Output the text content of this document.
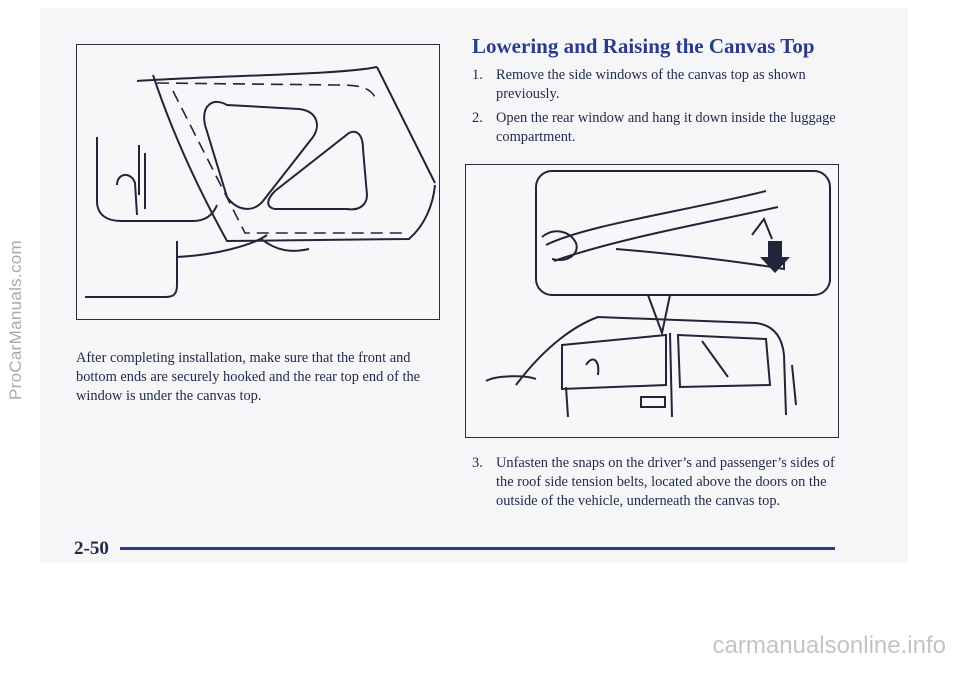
Lowering and Raising the Canvas Top
1. Remove the side windows of the canvas top as shown previously.
2. Open the rear window and hang it down inside the luggage compartment.

After completing installation, make sure that the front and bottom ends are securely hooked and the rear top end of the window is under the canvas top.

3. Unfasten the snaps on the driver’s and passenger’s sides of the roof side tension belts, located above the doors on the outside of the vehicle, underneath the canvas top.
2-50
ProCarManuals.com
carmanualsonline.info
